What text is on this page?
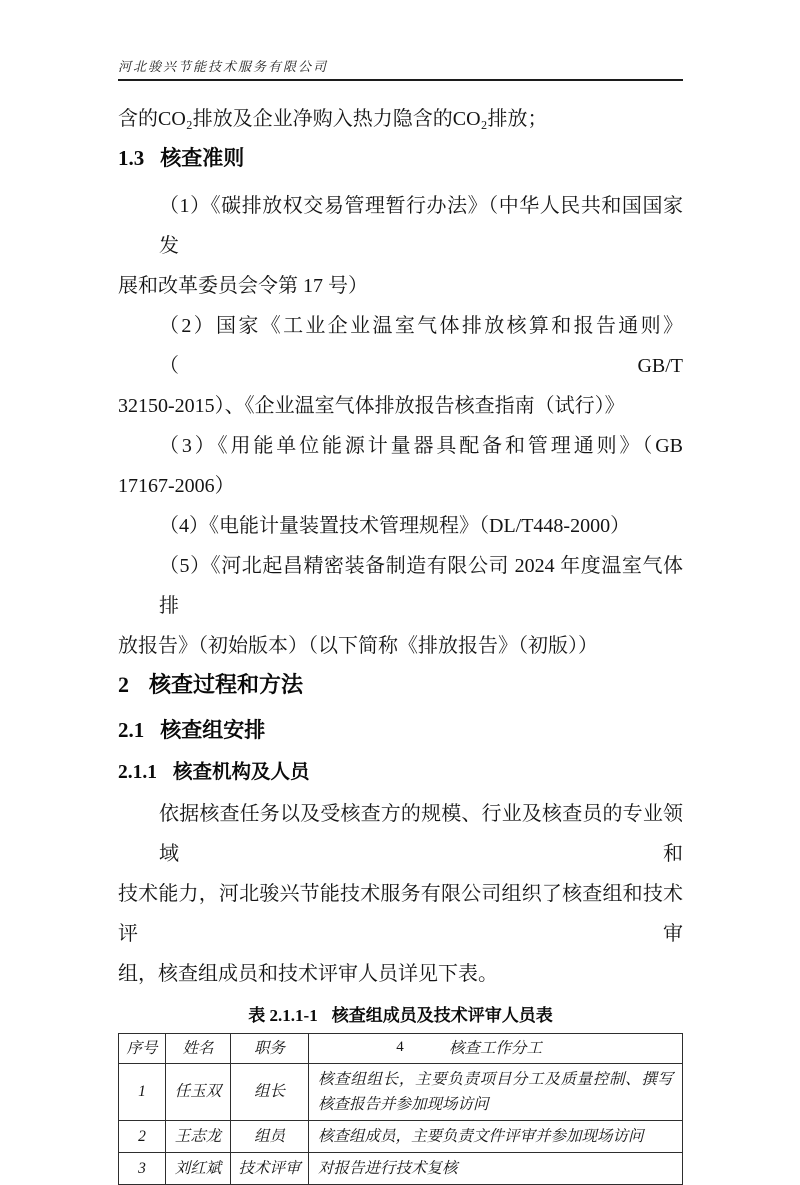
河北骏兴节能技术服务有限公司
含的CO₂排放及企业净购入热力隐含的CO₂排放；
1.3 核查准则
（1）《碳排放权交易管理暂行办法》（中华人民共和国国家发
展和改革委员会令第 17 号）
（2）国家《工业企业温室气体排放核算和报告通则》（GB/T
32150-2015）、《企业温室气体排放报告核查指南（试行）》
（3）《用能单位能源计量器具配备和管理通则》（GB
17167-2006）
（4）《电能计量装置技术管理规程》（DL/T448-2000）
（5）《河北起昌精密装备制造有限公司 2024 年度温室气体排
放报告》（初始版本）（以下简称《排放报告》（初版））
2 核查过程和方法
2.1 核查组安排
2.1.1 核查机构及人员
依据核查任务以及受核查方的规模、行业及核查员的专业领域和
技术能力，河北骏兴节能技术服务有限公司组织了核查组和技术评审
组，核查组成员和技术评审人员详见下表。
表 2.1.1-1 核查组成员及技术评审人员表
序号	姓名	职务	核查工作分工
1	任玉双	组长	核查组组长，主要负责项目分工及质量控制、撰写核查报告并参加现场访问
2	王志龙	组员	核查组成员，主要负责文件评审并参加现场访问
3	刘红斌	技术评审	对报告进行技术复核
4
